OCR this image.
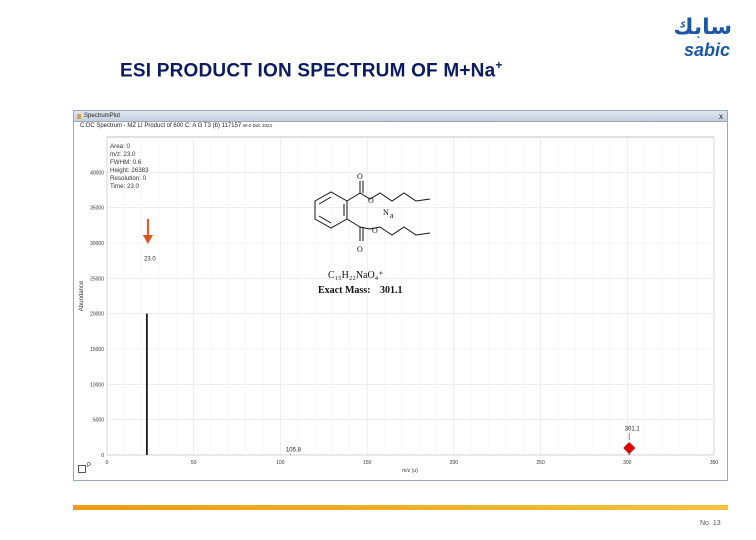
ESI PRODUCT ION SPECTRUM OF M+Na+
سابك
sabic
SpectrumPlot	x
C:DC Spectrum - MZ LI Product of 600 C: A G T3 (b) 117157 W-Z-Ddc 2024
0
5000
10000
15000
20000
25000
30000
35000
40000
0	50	100	150	200	250	300	350
Abundance
m/z (u)
Area: 0
m/z: 23.0
FWHM: 0.6
Height: 26383
Resolution: 0
Time: 23.0
23.0
105.8
301.1
O
O
N a
O
O
C₁₅H₂₂NaO₄⁺
Exact Mass: 301.1
P
No. 13
